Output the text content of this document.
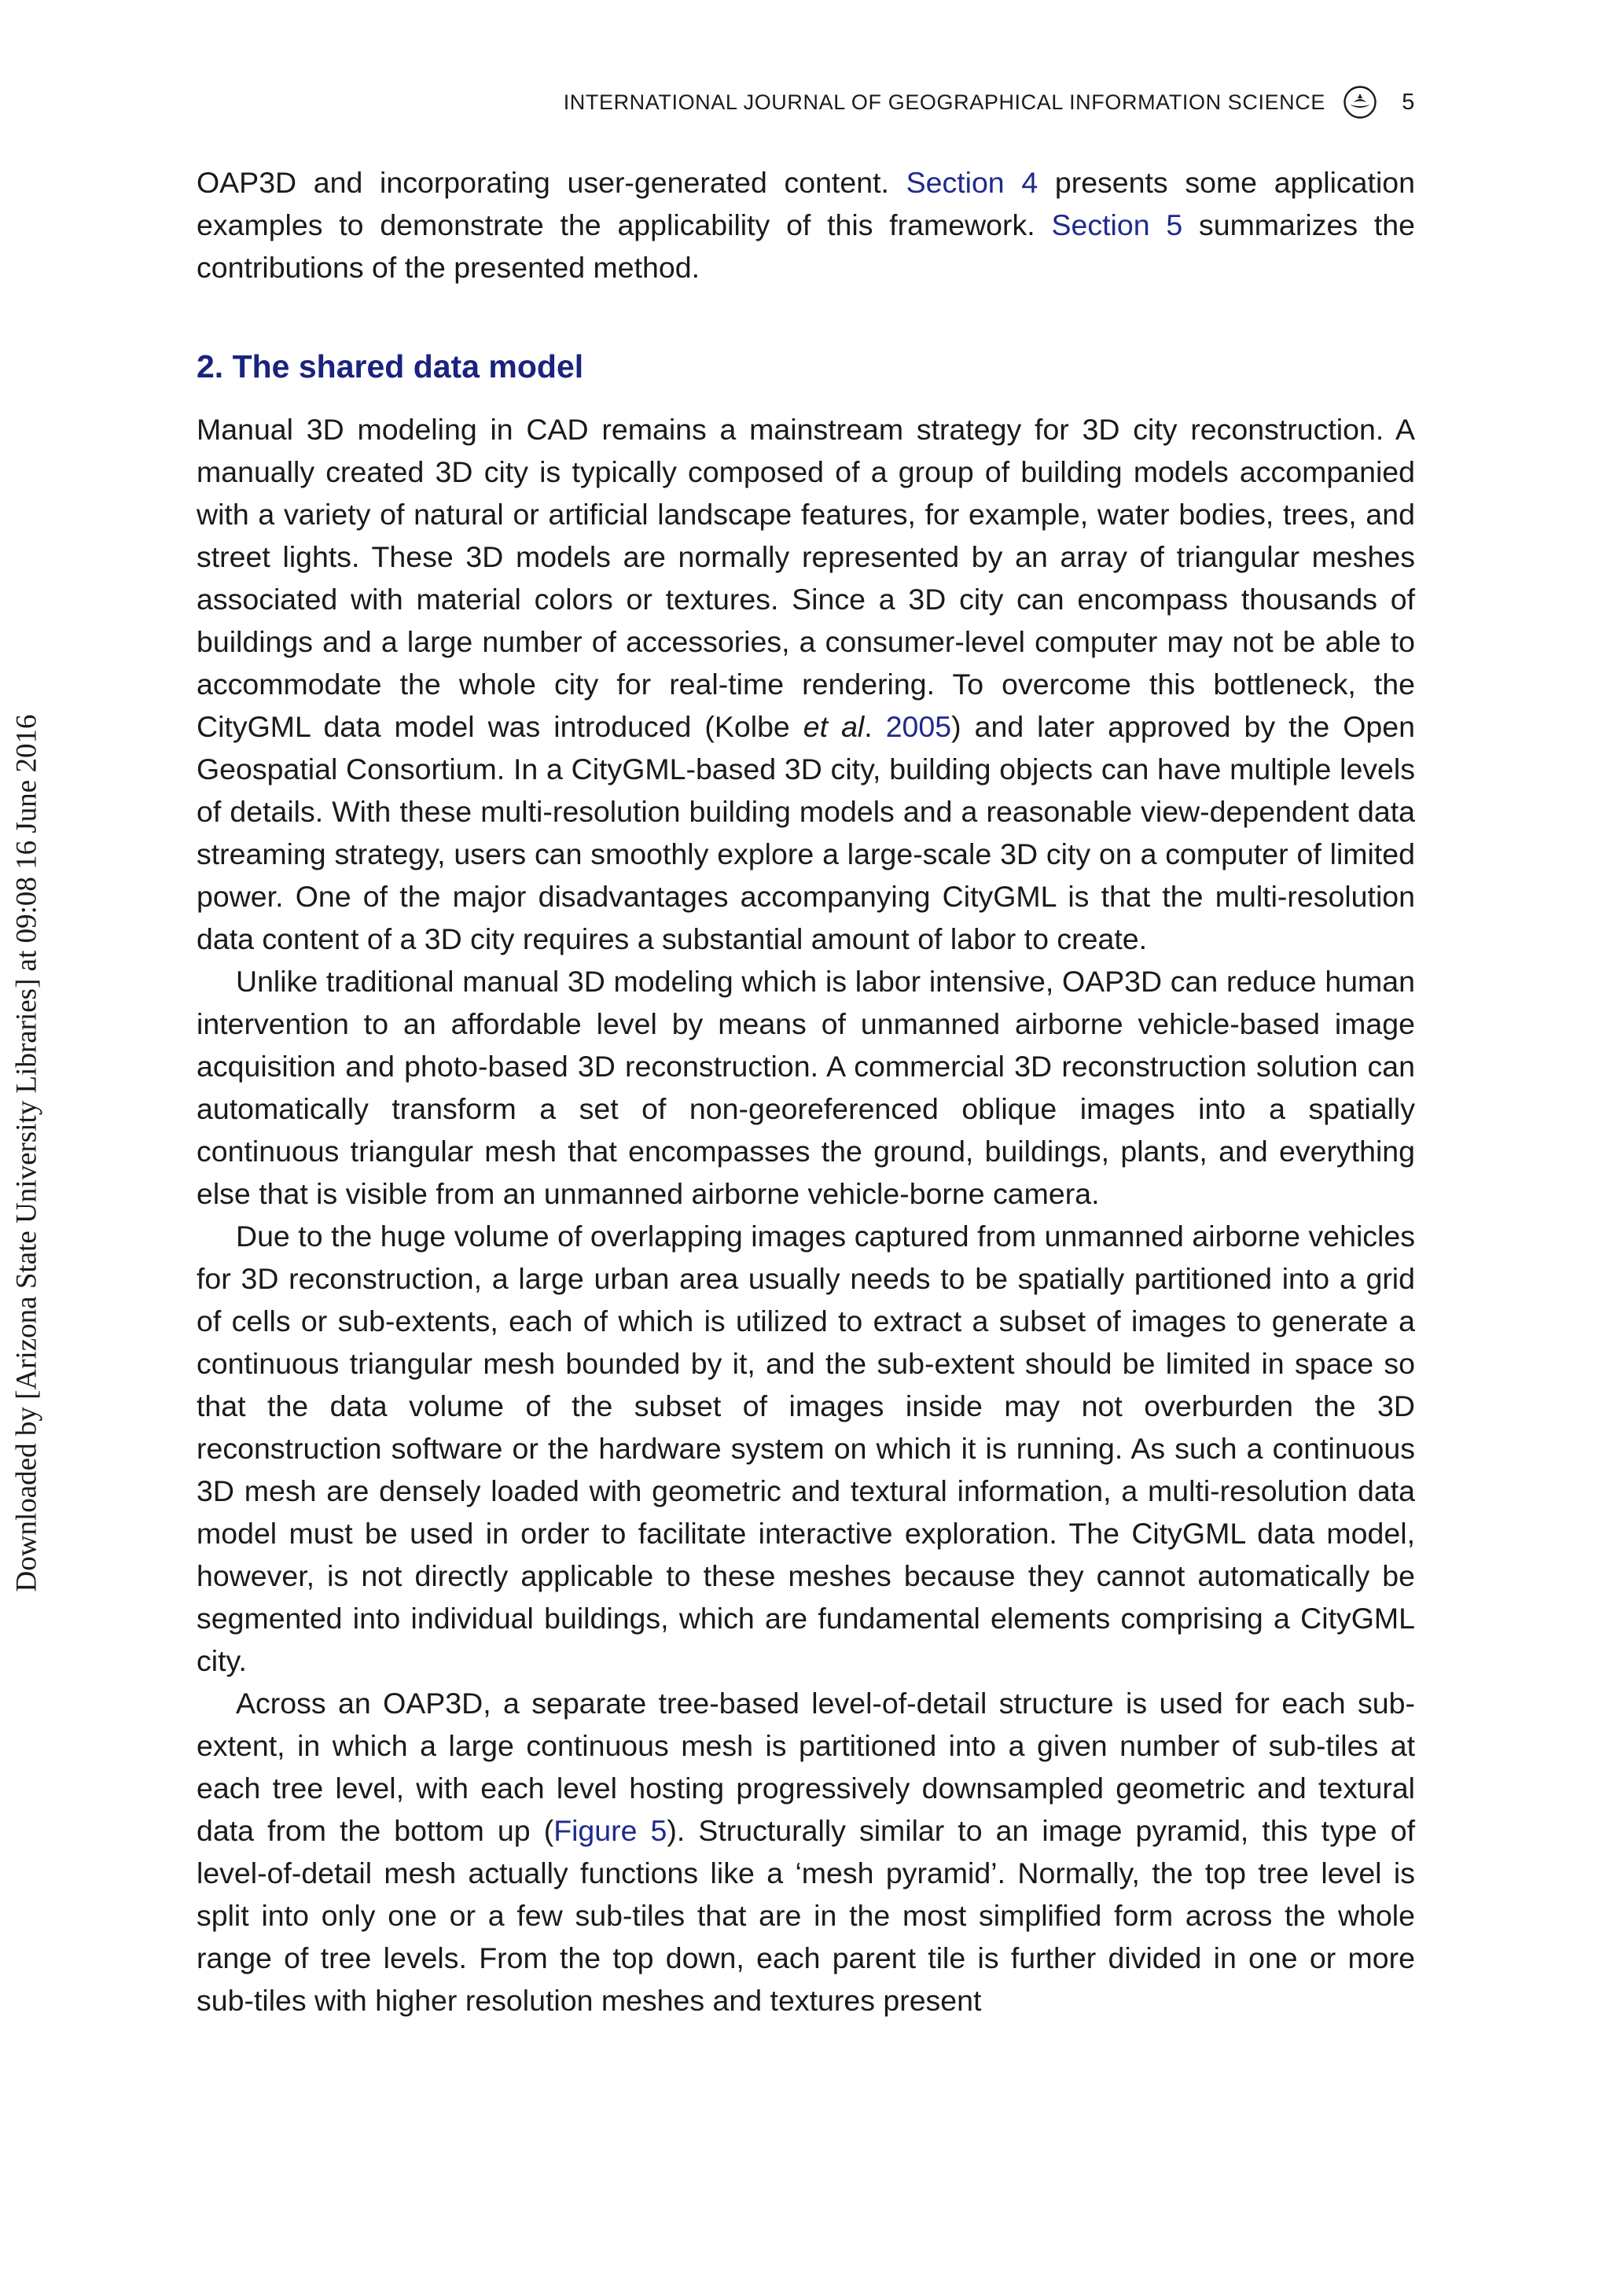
INTERNATIONAL JOURNAL OF GEOGRAPHICAL INFORMATION SCIENCE	5
Downloaded by [Arizona State University Libraries] at 09:08 16 June 2016

OAP3D and incorporating user-generated content. Section 4 presents some application examples to demonstrate the applicability of this framework. Section 5 summarizes the contributions of the presented method.

2. The shared data model

Manual 3D modeling in CAD remains a mainstream strategy for 3D city reconstruction. A manually created 3D city is typically composed of a group of building models accompanied with a variety of natural or artificial landscape features, for example, water bodies, trees, and street lights. These 3D models are normally represented by an array of triangular meshes associated with material colors or textures. Since a 3D city can encompass thousands of buildings and a large number of accessories, a consumer-level computer may not be able to accommodate the whole city for real-time rendering. To overcome this bottleneck, the CityGML data model was introduced (Kolbe et al. 2005) and later approved by the Open Geospatial Consortium. In a CityGML-based 3D city, building objects can have multiple levels of details. With these multi-resolution building models and a reasonable view-dependent data streaming strategy, users can smoothly explore a large-scale 3D city on a computer of limited power. One of the major disadvantages accompanying CityGML is that the multi-resolution data content of a 3D city requires a substantial amount of labor to create.

Unlike traditional manual 3D modeling which is labor intensive, OAP3D can reduce human intervention to an affordable level by means of unmanned airborne vehicle-based image acquisition and photo-based 3D reconstruction. A commercial 3D reconstruction solution can automatically transform a set of non-georeferenced oblique images into a spatially continuous triangular mesh that encompasses the ground, buildings, plants, and everything else that is visible from an unmanned airborne vehicle-borne camera.

Due to the huge volume of overlapping images captured from unmanned airborne vehicles for 3D reconstruction, a large urban area usually needs to be spatially partitioned into a grid of cells or sub-extents, each of which is utilized to extract a subset of images to generate a continuous triangular mesh bounded by it, and the sub-extent should be limited in space so that the data volume of the subset of images inside may not overburden the 3D reconstruction software or the hardware system on which it is running. As such a continuous 3D mesh are densely loaded with geometric and textural information, a multi-resolution data model must be used in order to facilitate interactive exploration. The CityGML data model, however, is not directly applicable to these meshes because they cannot automatically be segmented into individual buildings, which are fundamental elements comprising a CityGML city.

Across an OAP3D, a separate tree-based level-of-detail structure is used for each sub-extent, in which a large continuous mesh is partitioned into a given number of sub-tiles at each tree level, with each level hosting progressively downsampled geometric and textural data from the bottom up (Figure 5). Structurally similar to an image pyramid, this type of level-of-detail mesh actually functions like a ‘mesh pyramid’. Normally, the top tree level is split into only one or a few sub-tiles that are in the most simplified form across the whole range of tree levels. From the top down, each parent tile is further divided in one or more sub-tiles with higher resolution meshes and textures present
